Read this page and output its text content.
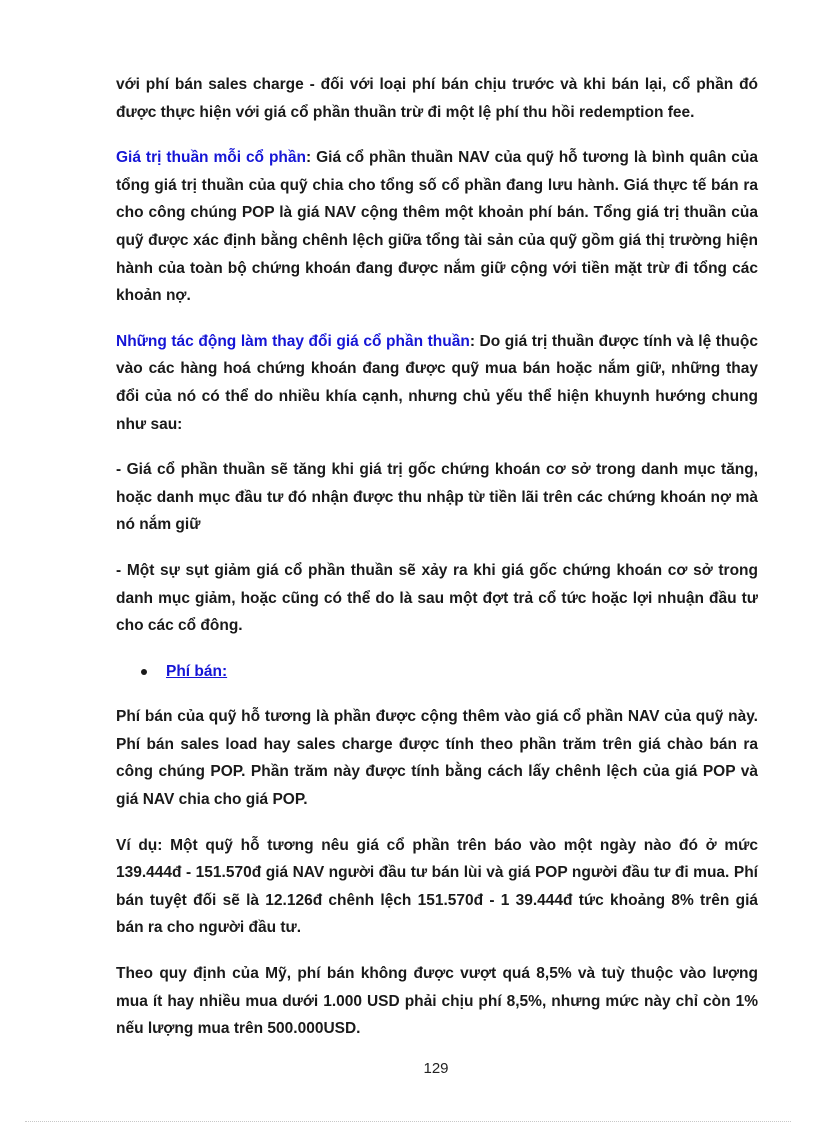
với phí bán sales charge - đối với loại phí bán chịu trước và khi bán lại, cổ phần đó được thực hiện với giá cổ phần thuần trừ đi một lệ phí thu hồi redemption fee.

Giá trị thuần mỗi cổ phần: Giá cổ phần thuần NAV của quỹ hỗ tương là bình quân của tổng giá trị thuần của quỹ chia cho tổng số cổ phần đang lưu hành. Giá thực tế bán ra cho công chúng POP là giá NAV cộng thêm một khoản phí bán. Tổng giá trị thuần của quỹ được xác định bằng chênh lệch giữa tổng tài sản của quỹ gồm giá thị trường hiện hành của toàn bộ chứng khoán đang được nắm giữ cộng với tiền mặt trừ đi tổng các khoản nợ.

Những tác động làm thay đổi giá cổ phần thuần: Do giá trị thuần được tính và lệ thuộc vào các hàng hoá chứng khoán đang được quỹ mua bán hoặc nắm giữ, những thay đổi của nó có thể do nhiều khía cạnh, nhưng chủ yếu thể hiện khuynh hướng chung như sau:

- Giá cổ phần thuần sẽ tăng khi giá trị gốc chứng khoán cơ sở trong danh mục tăng, hoặc danh mục đầu tư đó nhận được thu nhập từ tiền lãi trên các chứng khoán nợ mà nó nắm giữ

- Một sự sụt giảm giá cổ phần thuần sẽ xảy ra khi giá gốc chứng khoán cơ sở trong danh mục giảm, hoặc cũng có thể do là sau một đợt trả cổ tức hoặc lợi nhuận đầu tư cho các cổ đông.

Phí bán:

Phí bán của quỹ hỗ tương là phần được cộng thêm vào giá cổ phần NAV của quỹ này. Phí bán sales load hay sales charge được tính theo phần trăm trên giá chào bán ra công chúng POP. Phần trăm này được tính bằng cách lấy chênh lệch của giá POP và giá NAV chia cho giá POP.

Ví dụ: Một quỹ hỗ tương nêu giá cổ phần trên báo vào một ngày nào đó ở mức 139.444đ - 151.570đ giá NAV người đầu tư bán lùi và giá POP người đầu tư đi mua. Phí bán tuyệt đối sẽ là 12.126đ chênh lệch 151.570đ - 1 39.444đ tức khoảng 8% trên giá bán ra cho người đầu tư.

Theo quy định của Mỹ, phí bán không được vượt quá 8,5% và tuỳ thuộc vào lượng mua ít hay nhiều mua dưới 1.000 USD phải chịu phí 8,5%, nhưng mức này chỉ còn 1% nếu lượng mua trên 500.000USD.

129
